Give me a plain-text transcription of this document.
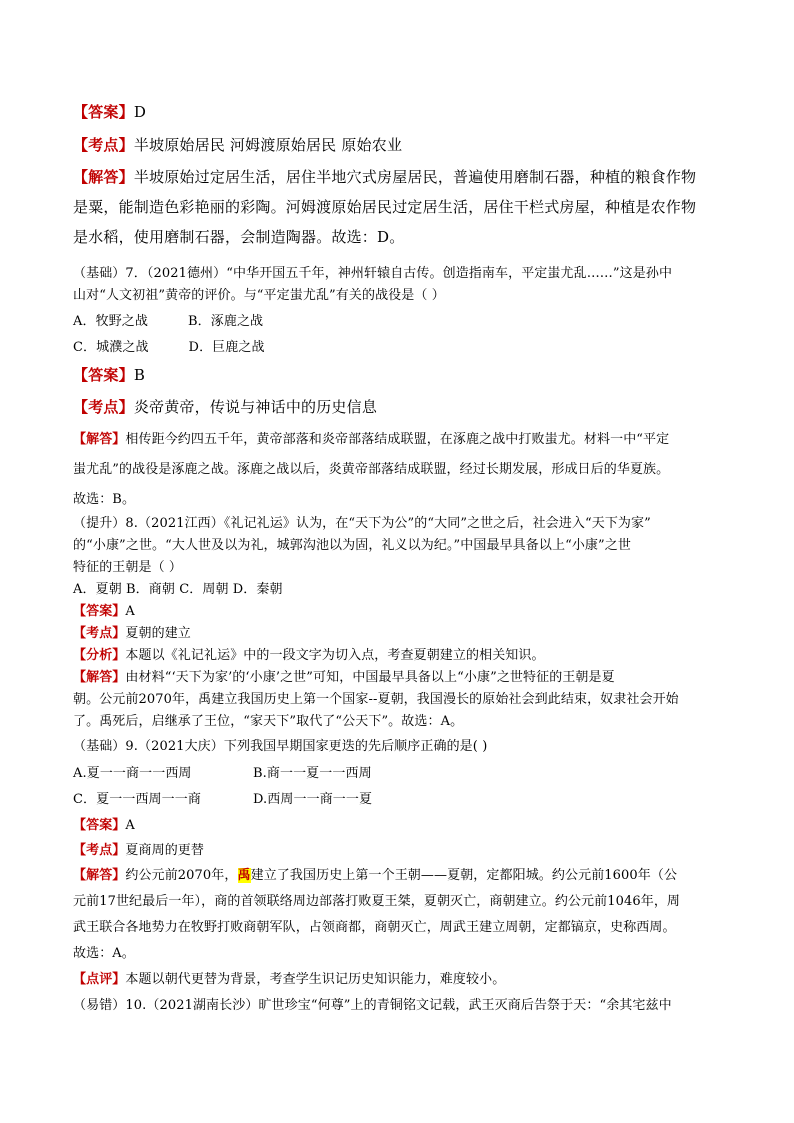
【答案】D
【考点】半坡原始居民 河姆渡原始居民 原始农业
【解答】半坡原始过定居生活，居住半地穴式房屋居民，普遍使用磨制石器，种植的粮食作物
是粟，能制造色彩艳丽的彩陶。河姆渡原始居民过定居生活，居住干栏式房屋，种植是农作物
是水稻，使用磨制石器，会制造陶器。故选：D。
（基础）7．（2021德州）“中华开国五千年，神州轩辕自古传。创造指南车，平定蚩尤乱……”这是孙中
山对“人文初祖”黄帝的评价。与“平定蚩尤乱”有关的战役是（ ）
A．牧野之战	B．涿鹿之战
C．城濮之战	D．巨鹿之战
【答案】B
【考点】炎帝黄帝，传说与神话中的历史信息
【解答】相传距今约四五千年，黄帝部落和炎帝部落结成联盟，在涿鹿之战中打败蚩尤。材料一中“平定
蚩尤乱”的战役是涿鹿之战。涿鹿之战以后，炎黄帝部落结成联盟，经过长期发展，形成日后的华夏族。
故选：B。
（提升）8.（2021江西）《礼记礼运》认为，在“天下为公”的“大同”之世之后，社会进入“天下为家”
的“小康”之世。“大人世及以为礼，城郭沟池以为固，礼义以为纪。”中国最早具备以上“小康”之世
特征的王朝是（ ）
A．夏朝 B．商朝 C．周朝 D．秦朝
【答案】A
【考点】夏朝的建立
【分析】本题以《礼记礼运》中的一段文字为切入点，考查夏朝建立的相关知识。
【解答】由材料“‘天下为家’的‘小康’之世”可知，中国最早具备以上“小康”之世特征的王朝是夏
朝。公元前2070年，禹建立我国历史上第一个国家--夏朝，我国漫长的原始社会到此结束，奴隶社会开始
了。禹死后，启继承了王位，“家天下”取代了“公天下”。故选：A。
（基础）9.（2021大庆）下列我国早期国家更迭的先后顺序正确的是( )
A.夏一一商一一西周	B.商一一夏一一西周
C．夏一一西周一一商	D.西周一一商一一夏
【答案】A
【考点】夏商周的更替
【解答】约公元前2070年，禹建立了我国历史上第一个王朝——夏朝，定都阳城。约公元前1600年（公
元前17世纪最后一年），商的首领联络周边部落打败夏王桀，夏朝灭亡，商朝建立。约公元前1046年，周
武王联合各地势力在牧野打败商朝军队，占领商都，商朝灭亡，周武王建立周朝，定都镐京，史称西周。
故选：A。
【点评】本题以朝代更替为背景，考查学生识记历史知识能力，难度较小。
（易错）10.（2021湖南长沙）旷世珍宝“何尊”上的青铜铭文记载，武王灭商后告祭于天：“余其宅兹中
